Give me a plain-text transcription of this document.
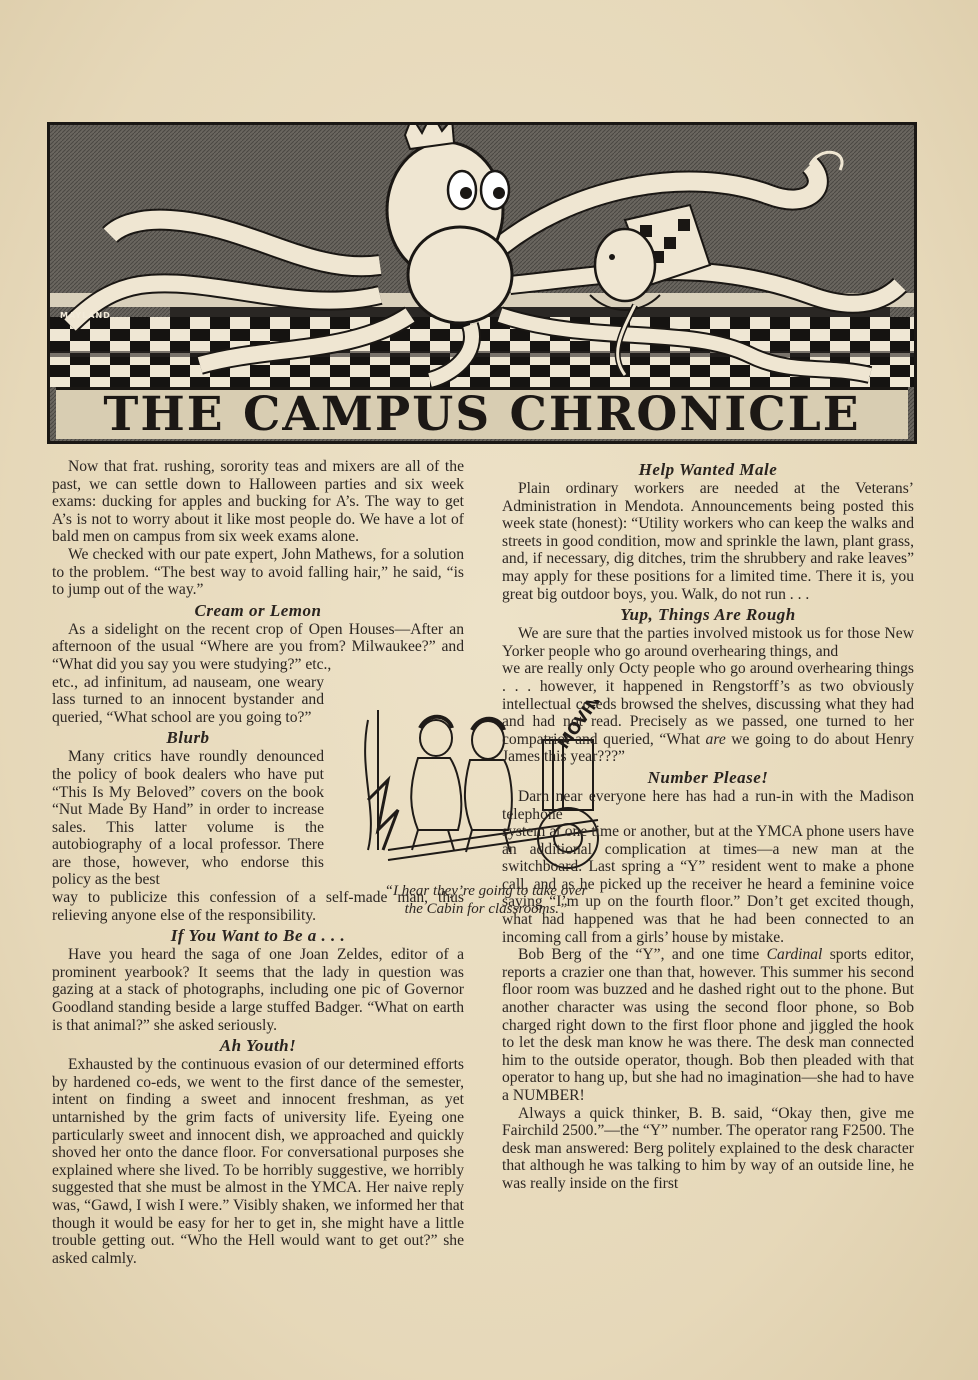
MAYLAND
THE CAMPUS CHRONICLE

Now that frat. rushing, sorority teas and mixers are all of the past, we can settle down to Halloween parties and six week exams: ducking for apples and bucking for A’s. The way to get A’s is not to worry about it like most people do. We have a lot of bald men on campus from six week exams alone.

We checked with our pate expert, John Mathews, for a solution to the problem. “The best way to avoid falling hair,” he said, “is to jump out of the way.”

Cream or Lemon

As a sidelight on the recent crop of Open Houses—After an afternoon of the usual “Where are you from? Milwaukee?” and “What did you say you were studying?” etc.,

etc., ad infinitum, ad nauseam, one weary lass turned to an innocent bystander and queried, “What school are you going to?”

Blurb

Many critics have roundly denounced the policy of book dealers who have put “This Is My Beloved” covers on the book “Nut Made By Hand” in order to increase sales. This latter volume is the autobiography of a local professor. There are those, however, who endorse this policy as the best

way to publicize this confession of a self-made man, thus relieving anyone else of the responsibility.

If You Want to Be a . . .

Have you heard the saga of one Joan Zeldes, editor of a prominent yearbook? It seems that the lady in question was gazing at a stack of photographs, including one pic of Governor Goodland standing beside a large stuffed Badger. “What on earth is that animal?” she asked seriously.

Ah Youth!

Exhausted by the continuous evasion of our determined efforts by hardened co-eds, we went to the first dance of the semester, intent on finding a sweet and innocent freshman, as yet untarnished by the grim facts of university life. Eyeing one particularly sweet and innocent dish, we approached and quickly shoved her onto the dance floor. For conversational purposes she explained where she lived. To be horribly suggestive, we horribly suggested that she must be almost in the YMCA. Her naive reply was, “Gawd, I wish I were.” Visibly shaken, we informed her that though it would be easy for her to get in, she might have a little trouble getting out. “Who the Hell would want to get out?” she asked calmly.

MOVING
“I hear they’re going to take over
the Cabin for classrooms.”
Help Wanted Male

Plain ordinary workers are needed at the Veterans’ Administration in Mendota. Announcements being posted this week state (honest): “Utility workers who can keep the walks and streets in good condition, mow and sprinkle the lawn, plant grass, and, if necessary, dig ditches, trim the shrubbery and rake leaves” may apply for these positions for a limited time. There it is, you great big outdoor boys, you. Walk, do not run . . .

Yup, Things Are Rough

We are sure that the parties involved mistook us for those New Yorker people who go around overhearing things, and

we are really only Octy people who go around overhearing things . . . however, it happened in Rengstorff’s as two obviously intellectual co-eds browsed the shelves, discussing what they had and had not read. Precisely as we passed, one turned to her compatriot and queried, “What are we going to do about Henry James this year???”

Number Please!

Darn near everyone here has had a run-in with the Madison telephone

system at one time or another, but at the YMCA phone users have an additional complication at times—a new man at the switchboard. Last spring a “Y” resident went to make a phone call, and as he picked up the receiver he heard a feminine voice saying “I’m up on the fourth floor.” Don’t get excited though, what had happened was that he had been connected to an incoming call from a girls’ house by mistake.

Bob Berg of the “Y”, and one time Cardinal sports editor, reports a crazier one than that, however. This summer his second floor room was buzzed and he dashed right out to the phone. But another character was using the second floor phone, so Bob charged right down to the first floor phone and jiggled the hook to let the desk man know he was there. The desk man connected him to the outside operator, though. Bob then pleaded with that operator to hang up, but she had no imagination—she had to have a NUMBER!

Always a quick thinker, B. B. said, “Okay then, give me Fairchild 2500.”—the “Y” number. The operator rang F2500. The desk man answered: Berg politely explained to the desk character that although he was talking to him by way of an outside line, he was really inside on the first
